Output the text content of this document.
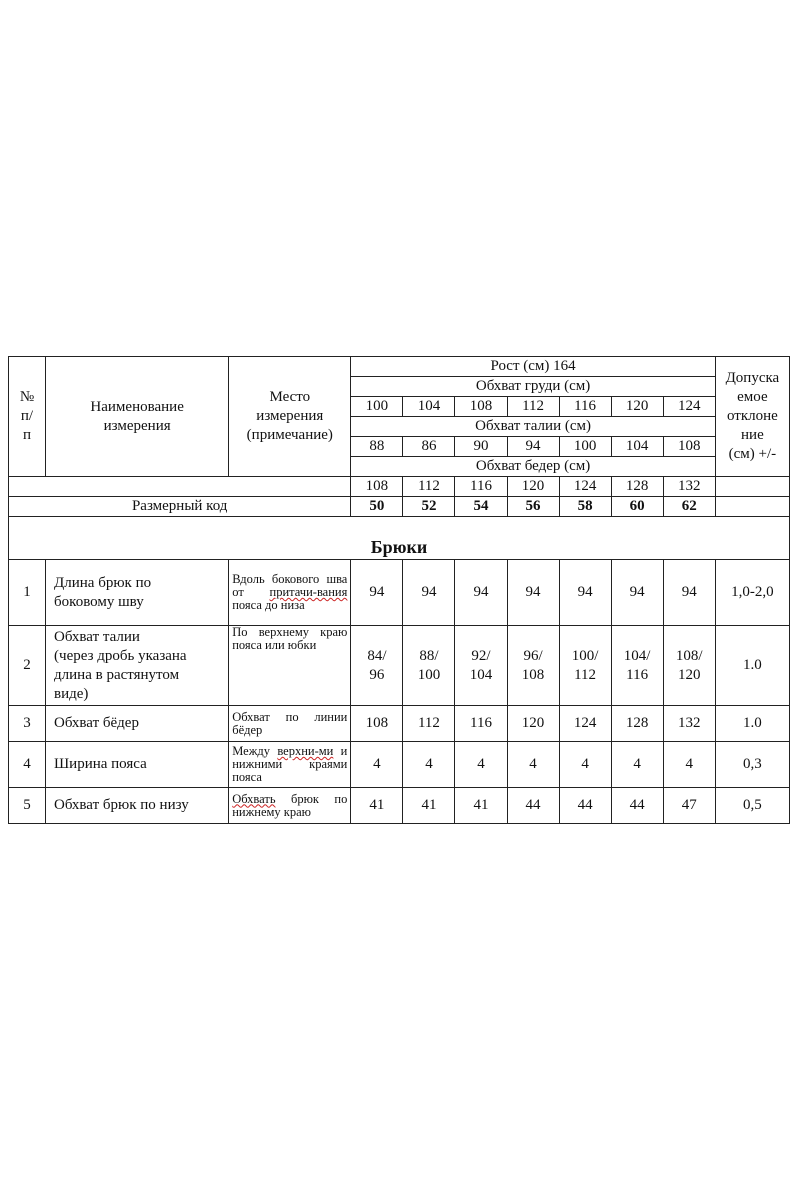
№
п/
п	Наименование
измерения	Место
измерения
(примечание)	Рост (см) 164							Допуска
емое
отклоне
ние
(см) +/-
			Обхват груди (см)							
			100	104	108	112	116	120	124	
			Обхват талии (см)							
			88	86	90	94	100	104	108	
			Обхват бедер (см)							
			108	112	116	120	124	128	132	
Размерный код			50	52	54	56	58	60	62	
Брюки										
1	Длина брюк по
боковому шву	Вдоль бокового шва от притачи-вания пояса до низа	94	94	94	94	94	94	94	1,0-2,0
2	Обхват талии
(через дробь указана
длина в растянутом
виде)	По верхнему краю пояса или юбки	84/
96	88/
100	92/
104	96/
108	100/
112	104/
116	108/
120	1.0
3	Обхват бёдер	Обхват по линии бёдер	108	112	116	120	124	128	132	1.0
4	Ширина пояса	Между верхни-ми и нижними краями пояса	4	4	4	4	4	4	4	0,3
5	Обхват брюк по низу	Обхвать брюк по нижнему краю	41	41	41	44	44	44	47	0,5
